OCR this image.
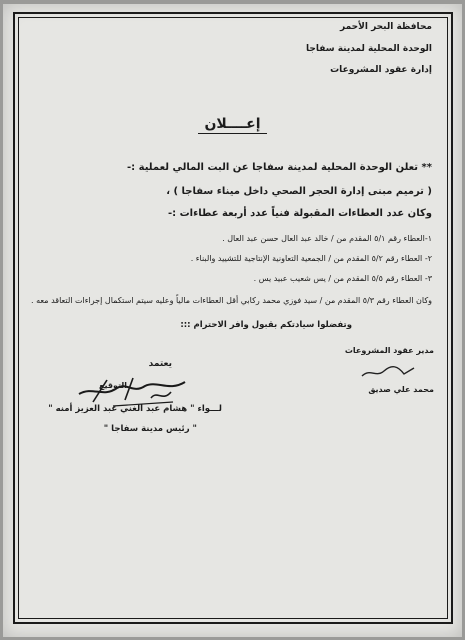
محافظة البحر الأحمر
الوحدة المحلية لمدينة سفاجا
إدارة عقود المشروعات
إعــــلان
** تعلن الوحدة المحلية لمدينة سفاجا عن البت المالي لعملية :-
( ترميم مبنى إدارة الحجر الصحي داخل ميناء سفاجا ) ،
وكان عدد العطاءات المقبولة فنياً عدد أربعة عطاءات :-
١-العطاء رقم ٥/١ المقدم من / خالد عبد العال حسن عبد العال .
٢- العطاء رقم ٥/٢ المقدم من / الجمعية التعاونية الإنتاجية للتشييد والبناء .
٣- العطاء رقم ٥/٥ المقدم من / يس شعيب عبيد يس .
وكان العطاء رقم ٥/٣ المقدم من / سيد فوزي محمد ركابي أقل العطاءات مالياً وعليه سيتم استكمال إجراءات التعاقد معه .
وتفضلوا سيادتكم بقبول وافر الاحترام :::
مدير عقود المشروعات
محمد علي صديق
يعتمد
التوقيع
لـــواء " هشام عبد الغني عبد العزيز أمنه "
" رئيس مدينة سفاجا "
